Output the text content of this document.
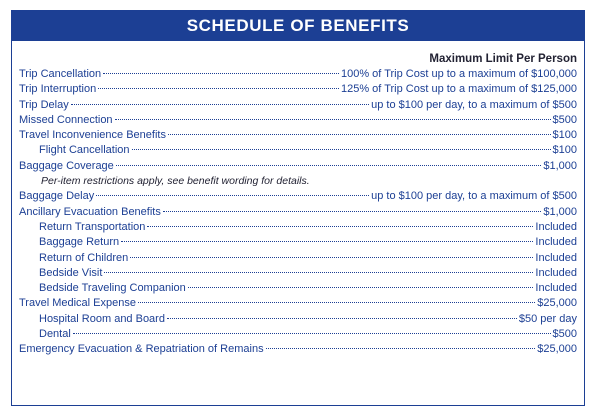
SCHEDULE OF BENEFITS
Maximum Limit Per Person
Trip Cancellation	100% of Trip Cost up to a maximum of $100,000
Trip Interruption	125% of Trip Cost up to a maximum of $125,000
Trip Delay	up to $100 per day, to a maximum of $500
Missed Connection	$500
Travel Inconvenience Benefits	$100
Flight Cancellation	$100
Baggage Coverage	$1,000
Per-item restrictions apply, see benefit wording for details.
Baggage Delay	up to $100 per day, to a maximum of $500
Ancillary Evacuation Benefits	$1,000
Return Transportation	Included
Baggage Return	Included
Return of Children	Included
Bedside Visit	Included
Bedside Traveling Companion	Included
Travel Medical Expense	$25,000
Hospital Room and Board	$50 per day
Dental	$500
Emergency Evacuation & Repatriation of Remains	$25,000
